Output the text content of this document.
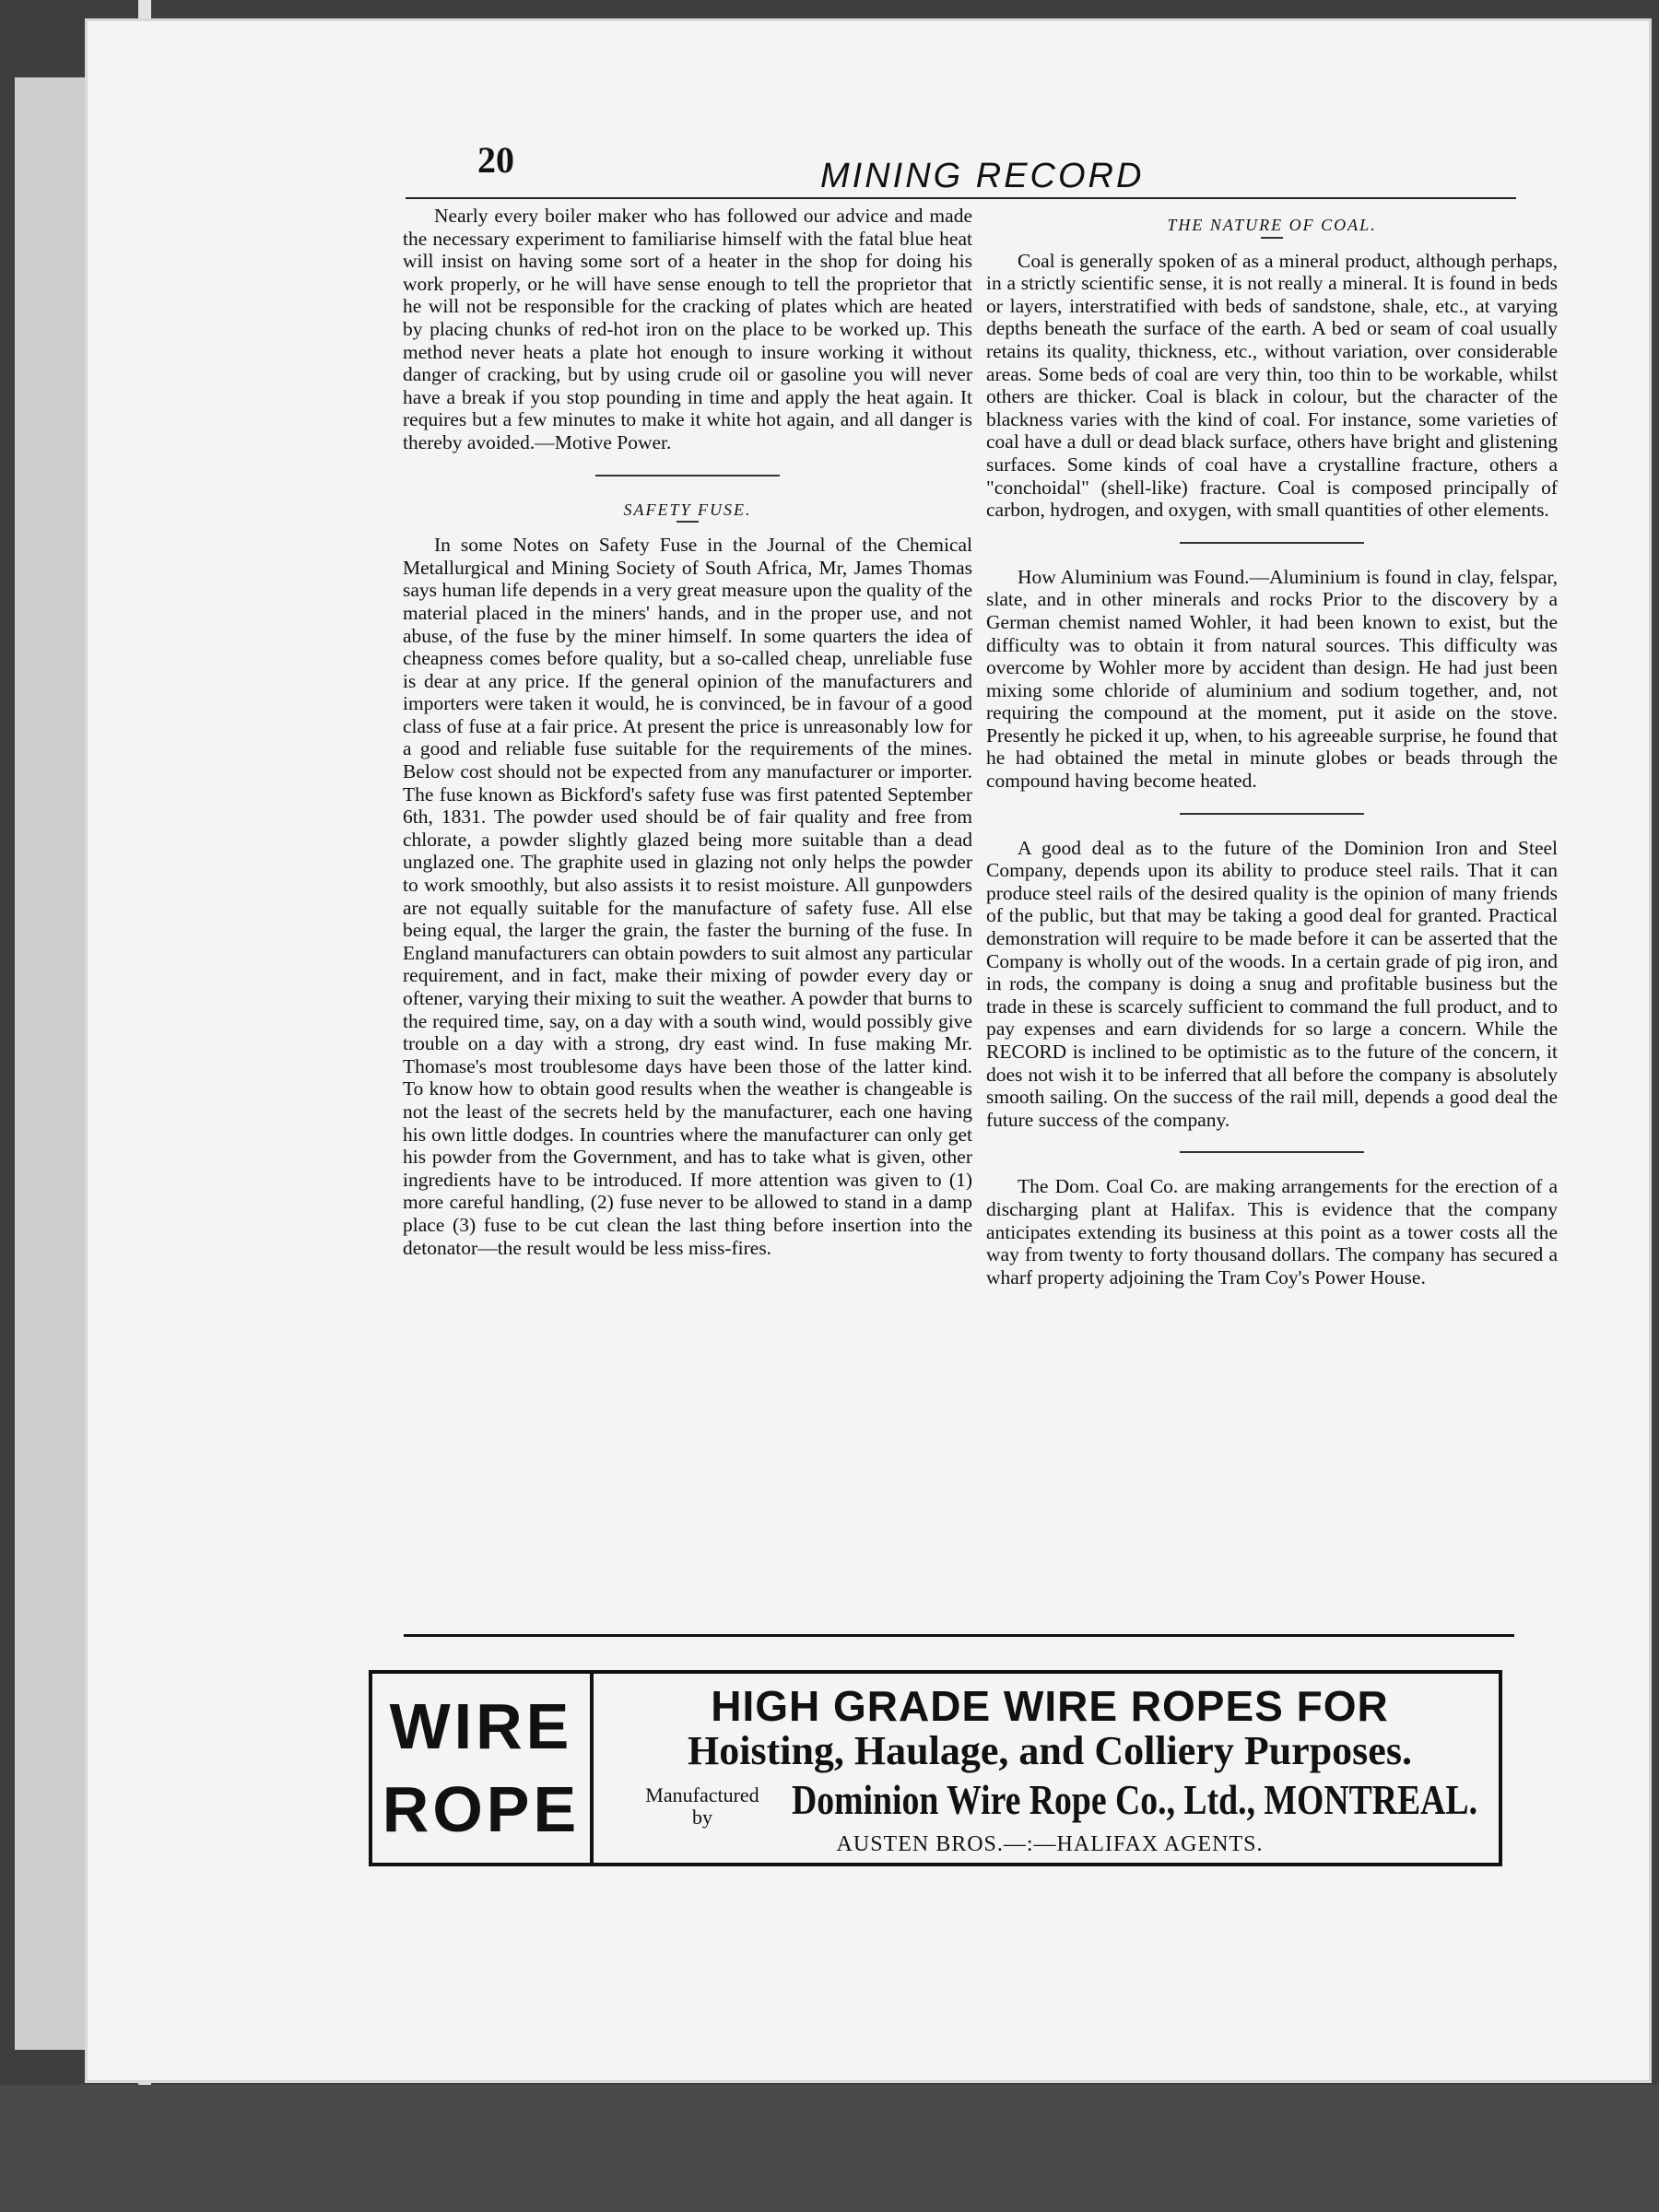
20	MINING RECORD

Nearly every boiler maker who has followed our advice and made the necessary experiment to familiarise himself with the fatal blue heat will insist on having some sort of a heater in the shop for doing his work properly, or he will have sense enough to tell the proprietor that he will not be responsible for the cracking of plates which are heated by placing chunks of red-hot iron on the place to be worked up. This method never heats a plate hot enough to insure working it without danger of cracking, but by using crude oil or gasoline you will never have a break if you stop pounding in time and apply the heat again. It requires but a few minutes to make it white hot again, and all danger is thereby avoided.—Motive Power.

SAFETY FUSE.

In some Notes on Safety Fuse in the Journal of the Chemical Metallurgical and Mining Society of South Africa, Mr, James Thomas says human life depends in a very great measure upon the quality of the material placed in the miners' hands, and in the proper use, and not abuse, of the fuse by the miner himself. In some quarters the idea of cheapness comes before quality, but a so-called cheap, unreliable fuse is dear at any price. If the general opinion of the manufacturers and importers were taken it would, he is convinced, be in favour of a good class of fuse at a fair price. At present the price is unreasonably low for a good and reliable fuse suitable for the requirements of the mines. Below cost should not be expected from any manufacturer or importer. The fuse known as Bickford's safety fuse was first patented September 6th, 1831. The powder used should be of fair quality and free from chlorate, a powder slightly glazed being more suitable than a dead unglazed one. The graphite used in glazing not only helps the powder to work smoothly, but also assists it to resist moisture. All gunpowders are not equally suitable for the manufacture of safety fuse. All else being equal, the larger the grain, the faster the burning of the fuse. In England manufacturers can obtain powders to suit almost any particular requirement, and in fact, make their mixing of powder every day or oftener, varying their mixing to suit the weather. A powder that burns to the required time, say, on a day with a south wind, would possibly give trouble on a day with a strong, dry east wind. In fuse making Mr. Thomase's most troublesome days have been those of the latter kind. To know how to obtain good results when the weather is changeable is not the least of the secrets held by the manufacturer, each one having his own little dodges. In countries where the manufacturer can only get his powder from the Government, and has to take what is given, other ingredients have to be introduced. If more attention was given to (1) more careful handling, (2) fuse never to be allowed to stand in a damp place (3) fuse to be cut clean the last thing before insertion into the detonator—the result would be less miss-fires.

THE NATURE OF COAL.

Coal is generally spoken of as a mineral product, although perhaps, in a strictly scientific sense, it is not really a mineral. It is found in beds or layers, interstratified with beds of sandstone, shale, etc., at varying depths beneath the surface of the earth. A bed or seam of coal usually retains its quality, thickness, etc., without variation, over considerable areas. Some beds of coal are very thin, too thin to be workable, whilst others are thicker. Coal is black in colour, but the character of the blackness varies with the kind of coal. For instance, some varieties of coal have a dull or dead black surface, others have bright and glistening surfaces. Some kinds of coal have a crystalline fracture, others a "conchoidal" (shell-like) fracture. Coal is composed principally of carbon, hydrogen, and oxygen, with small quantities of other elements.

How Aluminium was Found.—Aluminium is found in clay, felspar, slate, and in other minerals and rocks Prior to the discovery by a German chemist named Wohler, it had been known to exist, but the difficulty was to obtain it from natural sources. This difficulty was overcome by Wohler more by accident than design. He had just been mixing some chloride of aluminium and sodium together, and, not requiring the compound at the moment, put it aside on the stove. Presently he picked it up, when, to his agreeable surprise, he found that he had obtained the metal in minute globes or beads through the compound having become heated.

A good deal as to the future of the Dominion Iron and Steel Company, depends upon its ability to produce steel rails. That it can produce steel rails of the desired quality is the opinion of many friends of the public, but that may be taking a good deal for granted. Practical demonstration will require to be made before it can be asserted that the Company is wholly out of the woods. In a certain grade of pig iron, and in rods, the company is doing a snug and profitable business but the trade in these is scarcely sufficient to command the full product, and to pay expenses and earn dividends for so large a concern. While the RECORD is inclined to be optimistic as to the future of the concern, it does not wish it to be inferred that all before the company is absolutely smooth sailing. On the success of the rail mill, depends a good deal the future success of the company.

The Dom. Coal Co. are making arrangements for the erection of a discharging plant at Halifax. This is evidence that the company anticipates extending its business at this point as a tower costs all the way from twenty to forty thousand dollars. The company has secured a wharf property adjoining the Tram Coy's Power House.

WIRE
ROPE
HIGH GRADE WIRE ROPES FOR
Hoisting, Haulage, and Colliery Purposes.
Manufactured
by	Dominion Wire Rope Co., Ltd., MONTREAL.
AUSTEN BROS.—:—HALIFAX AGENTS.
